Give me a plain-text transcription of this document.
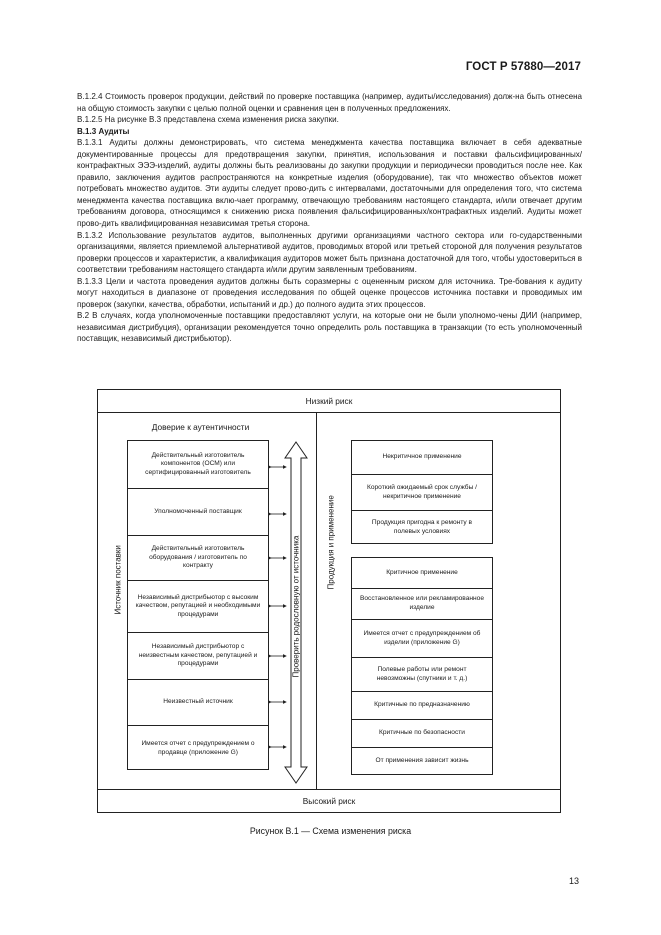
ГОСТ Р 57880—2017

В.1.2.4 Стоимость проверок продукции, действий по проверке поставщика (например, аудиты/исследования) долж-на быть отнесена на общую стоимость закупки с целью полной оценки и сравнения цен в полученных предложениях.

В.1.2.5 На рисунке В.3 представлена схема изменения риска закупки.

В.1.3 Аудиты

В.1.3.1 Аудиты должны демонстрировать, что система менеджмента качества поставщика включает в себя адекватные документированные процессы для предотвращения закупки, принятия, использования и поставки фальсифицированных/контрафактных ЭЭЭ-изделий, аудиты должны быть реализованы до закупки продукции и периодически проводиться после нее. Как правило, заключения аудитов распространяются на конкретные изделия (оборудование), так что множество объектов может потребовать множество аудитов. Эти аудиты следует прово-дить с интервалами, достаточными для определения того, что система менеджмента качества поставщика вклю-чает программу, отвечающую требованиям настоящего стандарта, и/или отвечает другим требованиям договора, относящимся к снижению риска появления фальсифицированных/контрафактных изделий. Аудиты может прово-дить квалифицированная независимая третья сторона.

В.1.3.2 Использование результатов аудитов, выполненных другими организациями частного сектора или го-сударственными организациями, является приемлемой альтернативой аудитов, проводимых второй или третьей стороной для получения результатов проверки процессов и характеристик, а квалификация аудиторов может быть признана достаточной для того, чтобы удостовериться в соответствии требованиям настоящего стандарта и/или другим заявленным требованиям.

В.1.3.3 Цели и частота проведения аудитов должны быть соразмерны с оцененным риском для источника. Тре-бования к аудиту могут находиться в диапазоне от проведения исследования по общей оценке процессов источника поставки и проводимых им проверок (закупки, качества, обработки, испытаний и др.) до полного аудита этих процессов.

В.2 В случаях, когда уполномоченные поставщики предоставляют услуги, на которые они не были уполномо-чены ДИИ (например, независимая дистрибуция), организации рекомендуется точно определить роль поставщика в транзакции (то есть уполномоченный поставщик, независимый дистрибьютор).

Низкий риск
Высокий риск
Источник поставки	Продукция и применение
Доверие к аутентичности
Действительный изготовитель компонентов (ОСМ) или сертифицированный изготовитель
Уполномоченный поставщик
Действительный изготовитель оборудования / изготовитель по контракту
Независимый дистрибьютор с высоким качеством, репутацией и необходимыми процедурами
Независимый дистрибьютор с неизвестным качеством, репутацией и процедурами
Неизвестный источник
Имеется отчет с предупреждением о продавце (приложение G)
Проверить родословную от источника
Некритичное применение
Короткий ожидаемый срок службы / некритичное применение
Продукция пригодна к ремонту в полевых условиях
Критичное применение
Восстановленное или рекламированное изделие
Имеется отчет с предупреждением об изделии (приложение G)
Полевые работы или ремонт невозможны (спутники и т. д.)
Критичные по предназначению
Критичные по безопасности
От применения зависит жизнь
Рисунок В.1 — Схема изменения риска
13
